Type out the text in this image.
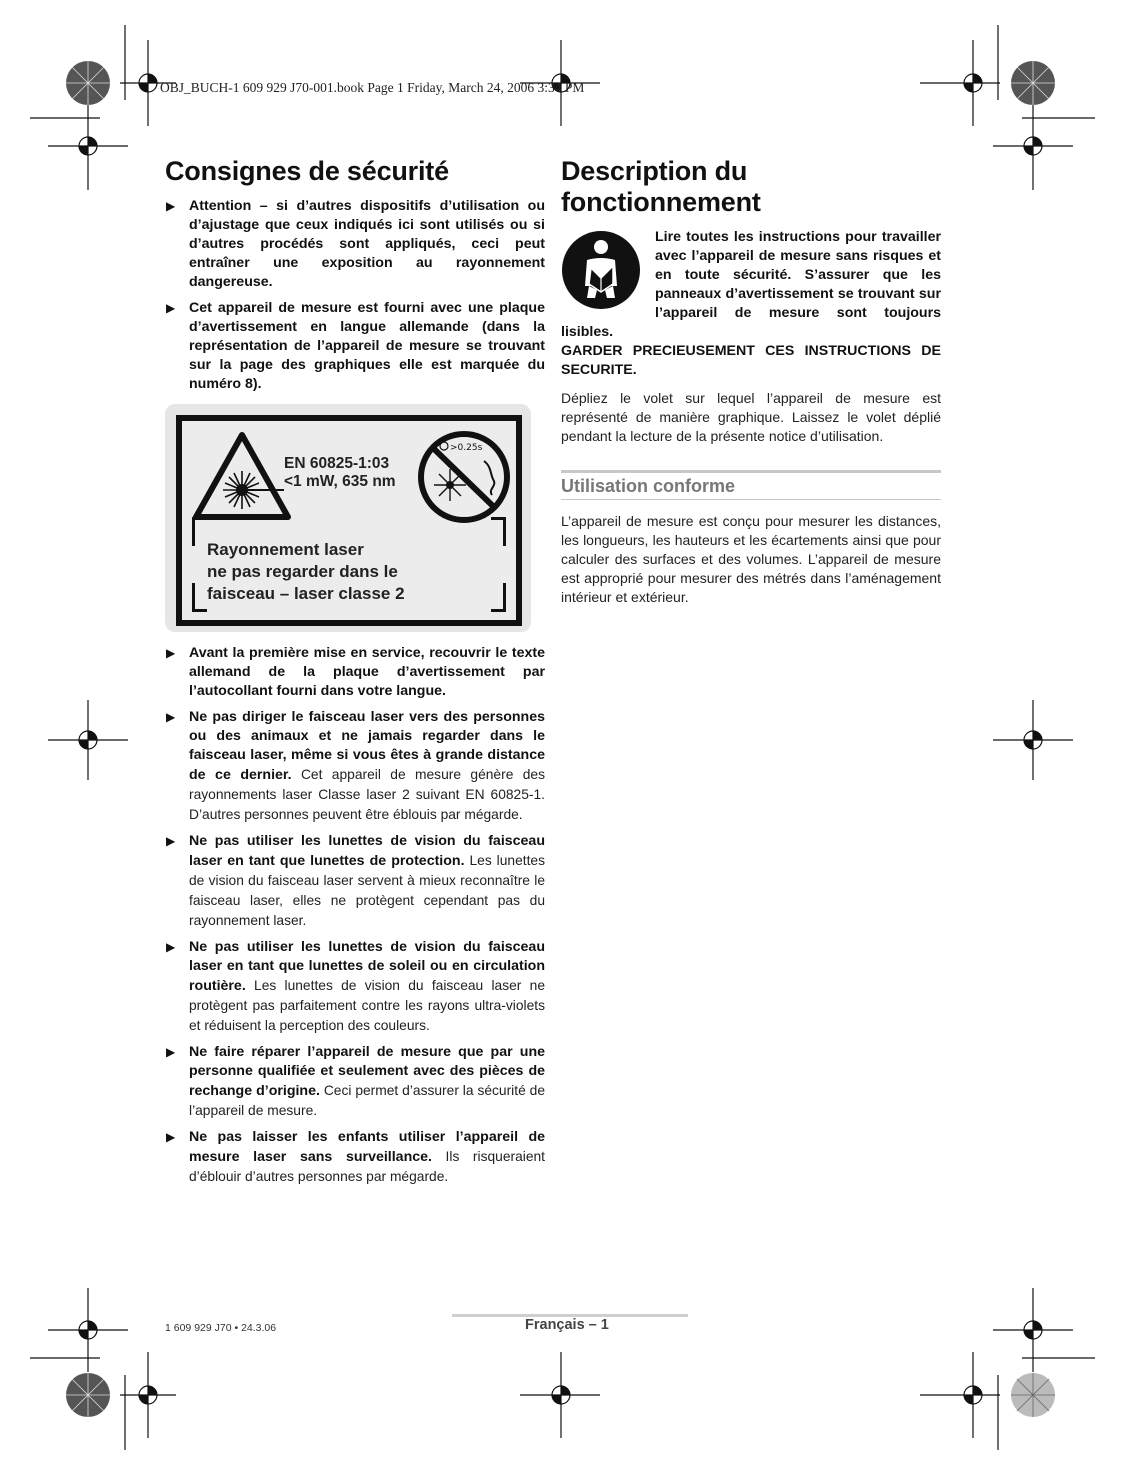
OBJ_BUCH-1 609 929 J70-001.book Page 1 Friday, March 24, 2006 3:34 PM
Consignes de sécurité
▶ Attention – si d’autres dispositifs d’utilisation ou d’ajustage que ceux indiqués ici sont utilisés ou si d’autres procédés sont appliqués, ceci peut entraîner une exposition au rayonnement dangereuse.
▶ Cet appareil de mesure est fourni avec une plaque d’avertissement en langue allemande (dans la représentation de l’appareil de mesure se trouvant sur la page des graphiques elle est marquée du numéro 8).
EN 60825-1:03
<1 mW, 635 nm
>0.25s
Rayonnement laser
ne pas regarder dans le
faisceau – laser classe 2
▶ Avant la première mise en service, recouvrir le texte allemand de la plaque d’avertissement par l’autocollant fourni dans votre langue.
▶ Ne pas diriger le faisceau laser vers des personnes ou des animaux et ne jamais regarder dans le faisceau laser, même si vous êtes à grande distance de ce dernier. Cet appareil de mesure génère des rayonnements laser Classe laser 2 suivant EN 60825-1. D’autres personnes peuvent être éblouis par mégarde.
▶ Ne pas utiliser les lunettes de vision du faisceau laser en tant que lunettes de protection. Les lunettes de vision du faisceau laser servent à mieux reconnaître le faisceau laser, elles ne protègent cependant pas du rayonnement laser.
▶ Ne pas utiliser les lunettes de vision du faisceau laser en tant que lunettes de soleil ou en circulation routière. Les lunettes de vision du faisceau laser ne protègent pas parfaitement contre les rayons ultra-violets et réduisent la perception des couleurs.
▶ Ne faire réparer l’appareil de mesure que par une personne qualifiée et seulement avec des pièces de rechange d’origine. Ceci permet d’assurer la sécurité de l’appareil de mesure.
▶ Ne pas laisser les enfants utiliser l’appareil de mesure laser sans surveillance. Ils risqueraient d’éblouir d’autres personnes par mégarde.
Description du fonctionnement
Lire toutes les instructions pour travailler avec l’appareil de mesure sans risques et en toute sécurité. S’assurer que les panneaux d’avertissement se trouvant sur l’appareil de mesure sont toujours lisibles.
GARDER PRECIEUSEMENT CES INSTRUCTIONS DE SECURITE.
Dépliez le volet sur lequel l’appareil de mesure est représenté de manière graphique. Laissez le volet déplié pendant la lecture de la présente notice d’utilisation.
Utilisation conforme
L’appareil de mesure est conçu pour mesurer les distances, les longueurs, les hauteurs et les écartements ainsi que pour calculer des surfaces et des volumes. L’appareil de mesure est approprié pour mesurer des métrés dans l’aménagement intérieur et extérieur.
1 609 929 J70 • 24.3.06	Français – 1
